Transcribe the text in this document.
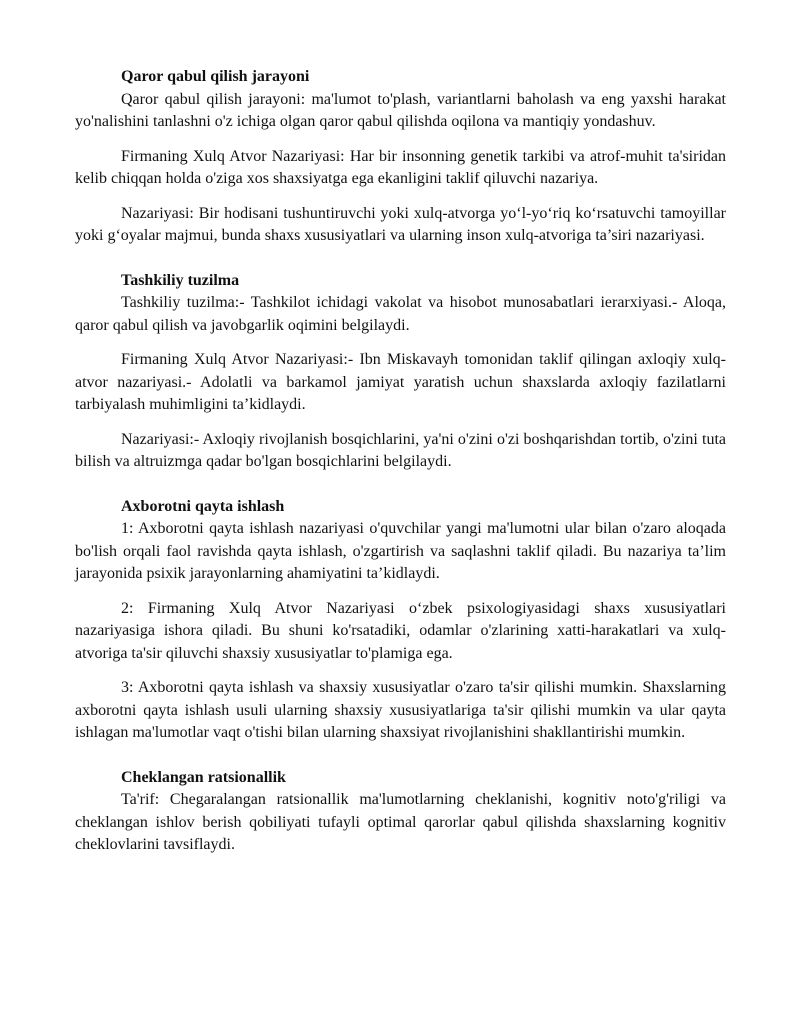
Qaror qabul qilish jarayoni

Qaror qabul qilish jarayoni: ma'lumot to'plash, variantlarni baholash va eng yaxshi harakat yo'nalishini tanlashni o'z ichiga olgan qaror qabul qilishda oqilona va mantiqiy yondashuv.

Firmaning Xulq Atvor Nazariyasi: Har bir insonning genetik tarkibi va atrof-muhit ta'siridan kelib chiqqan holda o'ziga xos shaxsiyatga ega ekanligini taklif qiluvchi nazariya.

Nazariyasi: Bir hodisani tushuntiruvchi yoki xulq-atvorga yo‘l-yo‘riq ko‘rsatuvchi tamoyillar yoki g‘oyalar majmui, bunda shaxs xususiyatlari va ularning inson xulq-atvoriga ta’siri nazariyasi.

Tashkiliy tuzilma

Tashkiliy tuzilma:- Tashkilot ichidagi vakolat va hisobot munosabatlari ierarxiyasi.- Aloqa, qaror qabul qilish va javobgarlik oqimini belgilaydi.

Firmaning Xulq Atvor Nazariyasi:- Ibn Miskavayh tomonidan taklif qilingan axloqiy xulq-atvor nazariyasi.- Adolatli va barkamol jamiyat yaratish uchun shaxslarda axloqiy fazilatlarni tarbiyalash muhimligini ta’kidlaydi.

Nazariyasi:- Axloqiy rivojlanish bosqichlarini, ya'ni o'zini o'zi boshqarishdan tortib, o'zini tuta bilish va altruizmga qadar bo'lgan bosqichlarini belgilaydi.

Axborotni qayta ishlash

1: Axborotni qayta ishlash nazariyasi o'quvchilar yangi ma'lumotni ular bilan o'zaro aloqada bo'lish orqali faol ravishda qayta ishlash, o'zgartirish va saqlashni taklif qiladi. Bu nazariya ta’lim jarayonida psixik jarayonlarning ahamiyatini ta’kidlaydi.

2: Firmaning Xulq Atvor Nazariyasi o‘zbek psixologiyasidagi shaxs xususiyatlari nazariyasiga ishora qiladi. Bu shuni ko'rsatadiki, odamlar o'zlarining xatti-harakatlari va xulq-atvoriga ta'sir qiluvchi shaxsiy xususiyatlar to'plamiga ega.

3: Axborotni qayta ishlash va shaxsiy xususiyatlar o'zaro ta'sir qilishi mumkin. Shaxslarning axborotni qayta ishlash usuli ularning shaxsiy xususiyatlariga ta'sir qilishi mumkin va ular qayta ishlagan ma'lumotlar vaqt o'tishi bilan ularning shaxsiyat rivojlanishini shakllantirishi mumkin.

Cheklangan ratsionallik

Ta'rif: Chegaralangan ratsionallik ma'lumotlarning cheklanishi, kognitiv noto'g'riligi va cheklangan ishlov berish qobiliyati tufayli optimal qarorlar qabul qilishda shaxslarning kognitiv cheklovlarini tavsiflaydi.
